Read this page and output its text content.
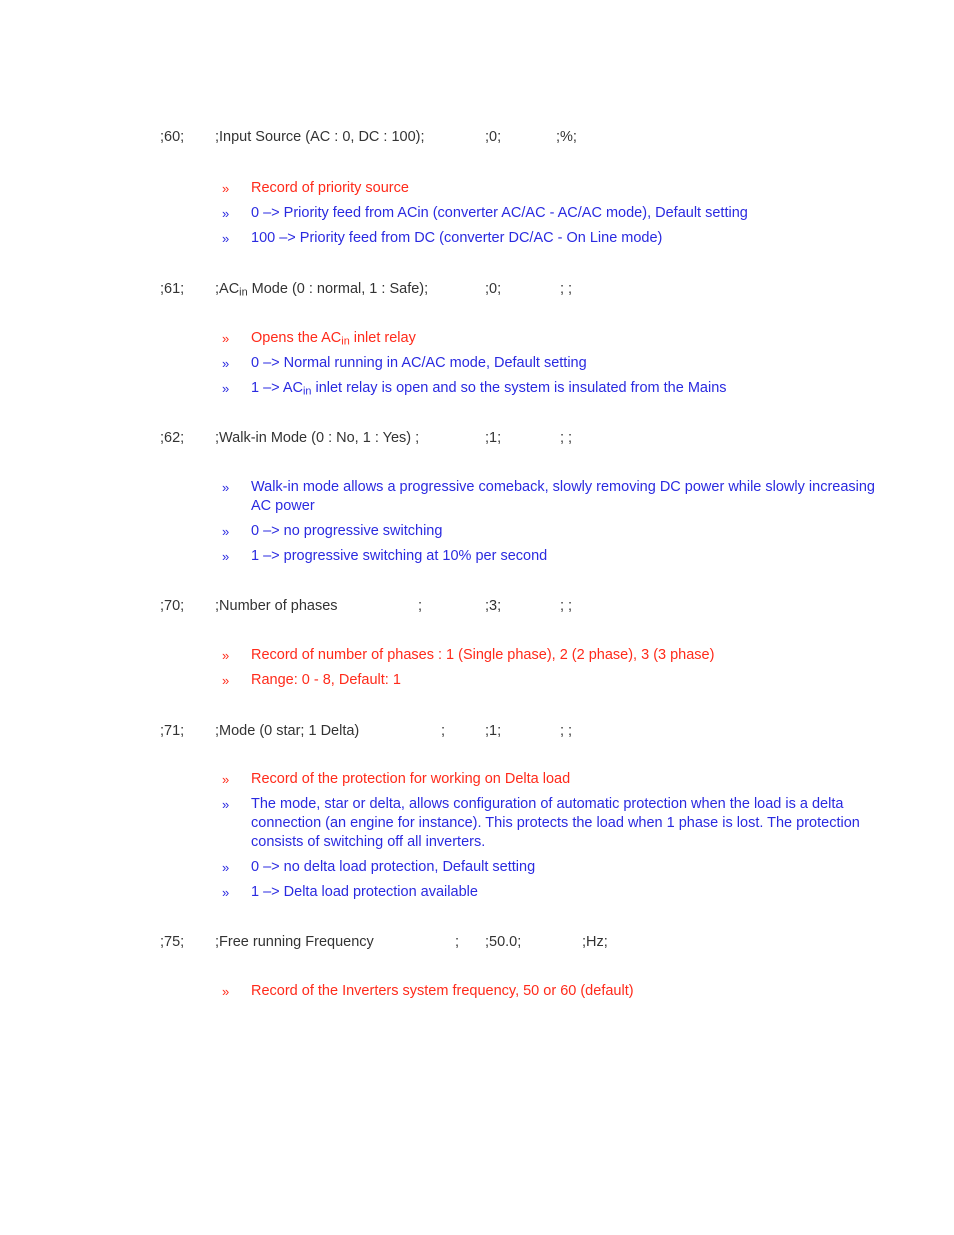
;60; ;Input Source (AC : 0, DC : 100);	;0;	;%;
» Record of priority source
» 0 –> Priority feed from ACin (converter AC/AC - AC/AC mode), Default setting
» 100 –> Priority feed from DC (converter DC/AC - On Line mode)
;61; $;AC_{in}$ Mode (0 : normal, 1 : Safe);	;0;	; ;
» Opens the $AC_{in}$ inlet relay
» 0 –> Normal running in AC/AC mode, Default setting
» $1 -> AC_{in}$ inlet relay is open and so the system is insulated from the Mains
;62; ;Walk-in Mode (0 : No, 1 : Yes) ;	;1;	; ;
» Walk-in mode allows a progressive comeback, slowly removing DC power while slowly increasing AC power
» 0 –> no progressive switching
» 1 –> progressive switching at 10% per second
;70; ;Number of phases	;	;3;	; ;
» Record of number of phases : 1 (Single phase), 2 (2 phase), 3 (3 phase)
» Range: 0 - 8, Default: 1
;71; ;Mode (0 star; 1 Delta)	;	;1;	; ;
» Record of the protection for working on Delta load
» The mode, star or delta, allows configuration of automatic protection when the load is a delta connection (an engine for instance). This protects the load when 1 phase is lost. The protection consists of switching off all inverters.
» 0 –> no delta load protection, Default setting
» 1 –> Delta load protection available
;75; ;Free running Frequency	; ;50.0;	;Hz;
» Record of the Inverters system frequency, 50 or 60 (default)
